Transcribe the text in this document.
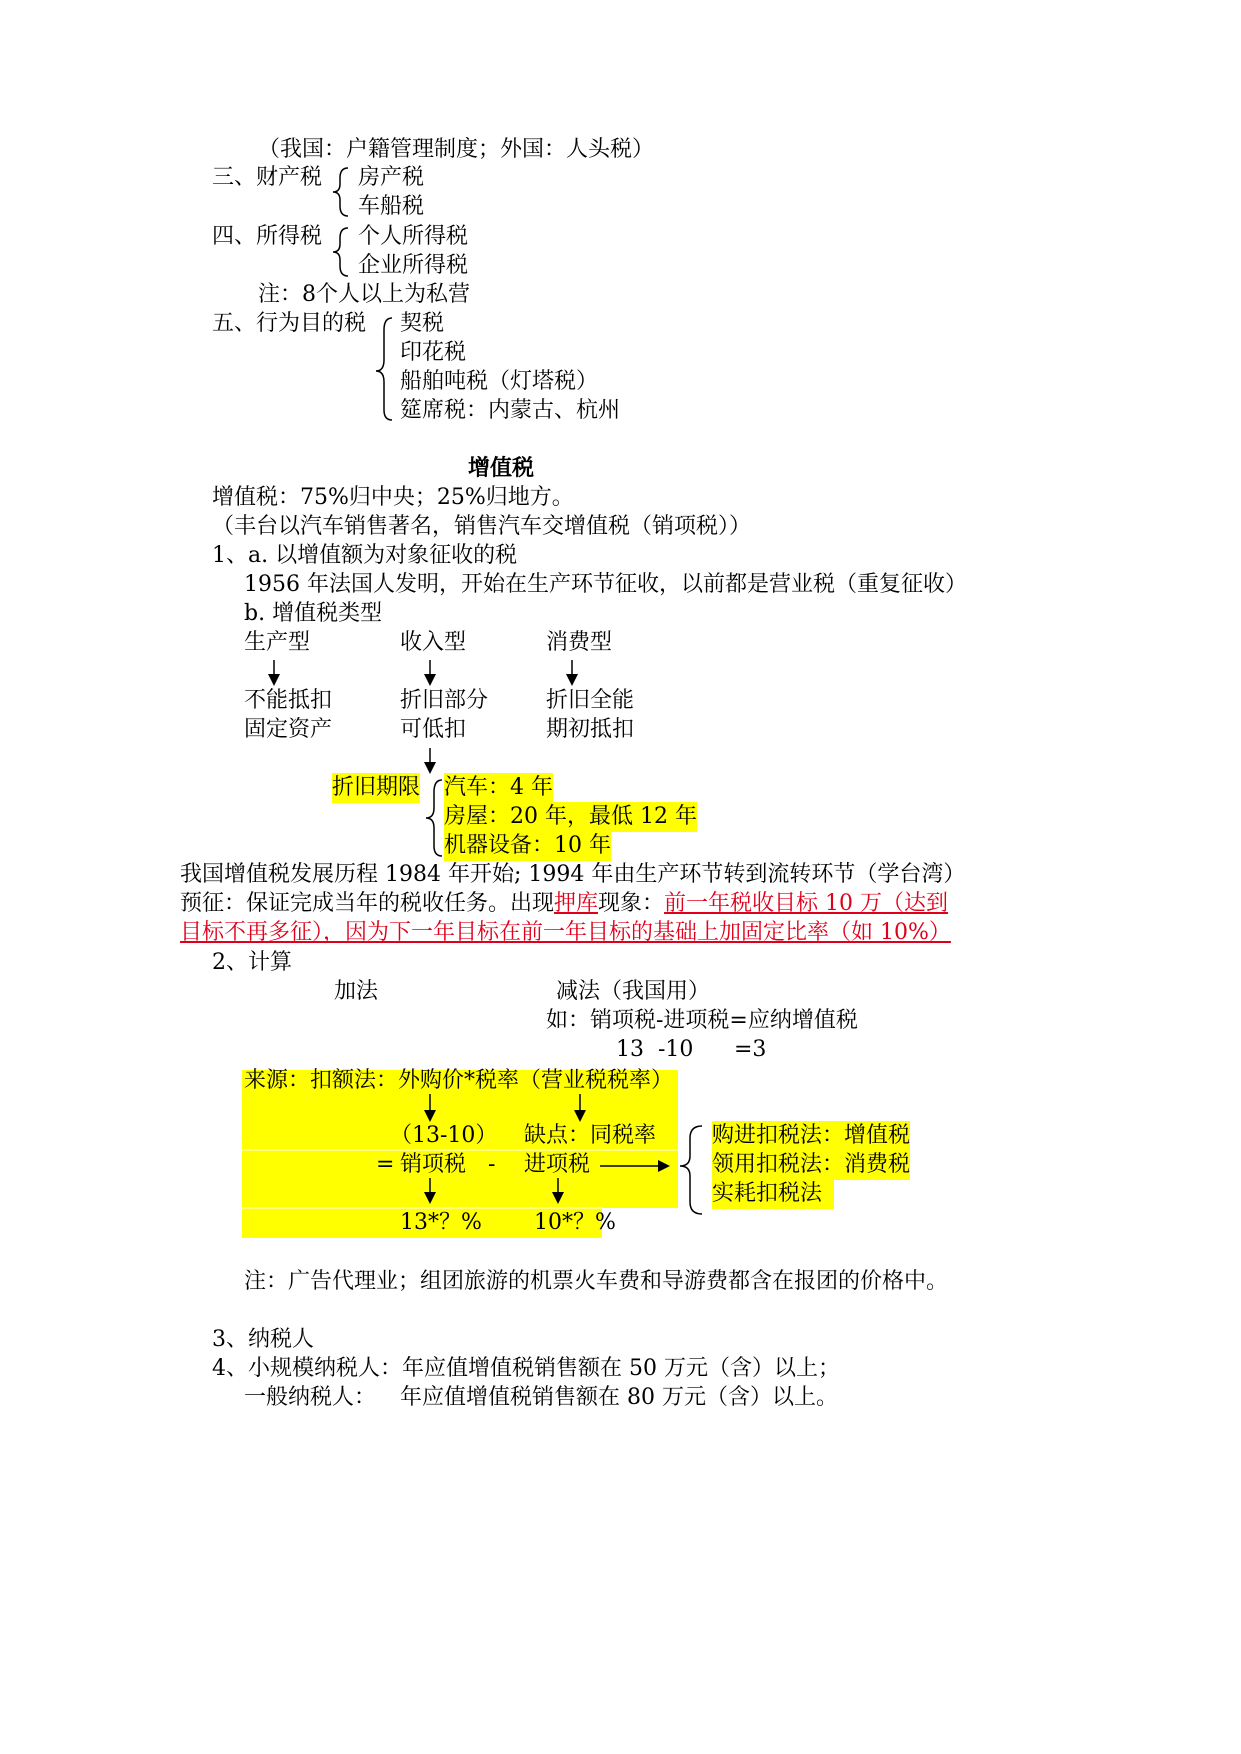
（我国：户籍管理制度；外国：人头税）
三、财产税 房产税
车船税
四、所得税 个人所得税
企业所得税
注：8个人以上为私营
五、行为目的税 契税
印花税
船舶吨税（灯塔税）
筵席税：内蒙古、杭州
增值税
增值税：75%归中央；25%归地方。
（丰台以汽车销售著名，销售汽车交增值税（销项税））
1、a. 以增值额为对象征收的税
1956 年法国人发明，开始在生产环节征收，以前都是营业税（重复征收）
b. 增值税类型
生产型	收入型	消费型
不能抵扣	折旧部分	折旧全能
固定资产	可低扣	期初抵扣
折旧期限 汽车：4 年
房屋：20 年，最低 12 年
机器设备：10 年
我国增值税发展历程 1984 年开始; 1994 年由生产环节转到流转环节（学台湾）
预征：保证完成当年的税收任务。出现押库现象：前一年税收目标 10 万（达到
目标不再多征），因为下一年目标在前一年目标的基础上加固定比率（如 10%）
2、计算
加法	减法（我国用）
如：销项税-进项税=应纳增值税
13 -10 =3
来源：扣额法：外购价*税率（营业税税率）
（13-10） 缺点：同税率
= 销项税 - 进项税
13*？% 10*？%
购进扣税法：增值税
领用扣税法：消费税
实耗扣税法
注：广告代理业；组团旅游的机票火车费和导游费都含在报团的价格中。
3、纳税人
4、小规模纳税人：年应值增值税销售额在 50 万元（含）以上；
一般纳税人： 年应值增值税销售额在 80 万元（含）以上。
